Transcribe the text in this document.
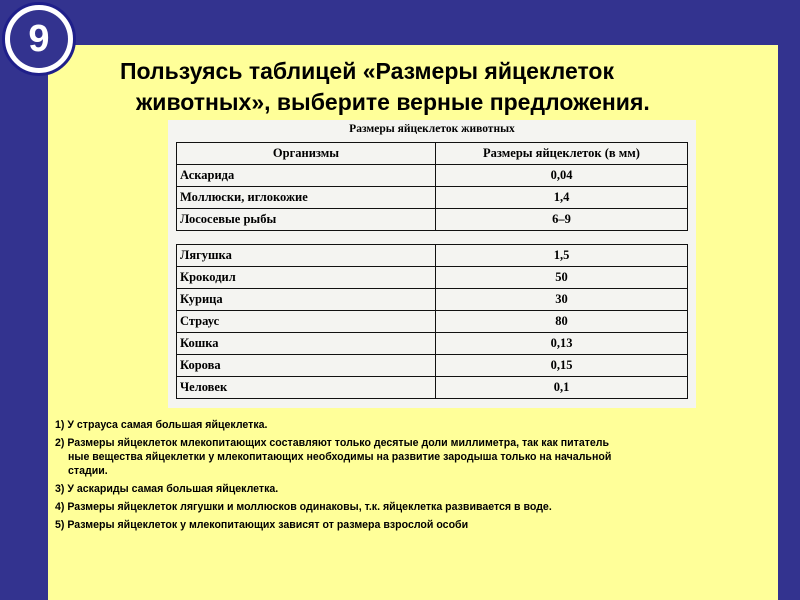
9
Пользуясь таблицей «Размеры яйцеклеток
животных», выберите верные предложения.
Размеры яйцеклеток животных
Организмы	Размеры яйцеклеток (в мм)
Аскарида	0,04
Моллюски, иглокожие	1,4
Лососевые рыбы	6–9
Лягушка	1,5
Крокодил	50
Курица	30
Страус	80
Кошка	0,13
Корова	0,15
Человек	0,1
1) У страуса самая большая яйцеклетка.
2) Размеры яйцеклеток млекопитающих составляют только десятые доли миллиметра, так как питатель
ные вещества яйцеклетки у млекопитающих необходимы на развитие зародыша только на начальной
стадии.
3) У аскариды самая большая яйцеклетка.
4) Размеры яйцеклеток лягушки и моллюсков одинаковы, т.к. яйцеклетка развивается в воде.
5) Размеры яйцеклеток у млекопитающих зависят от размера взрослой особи
